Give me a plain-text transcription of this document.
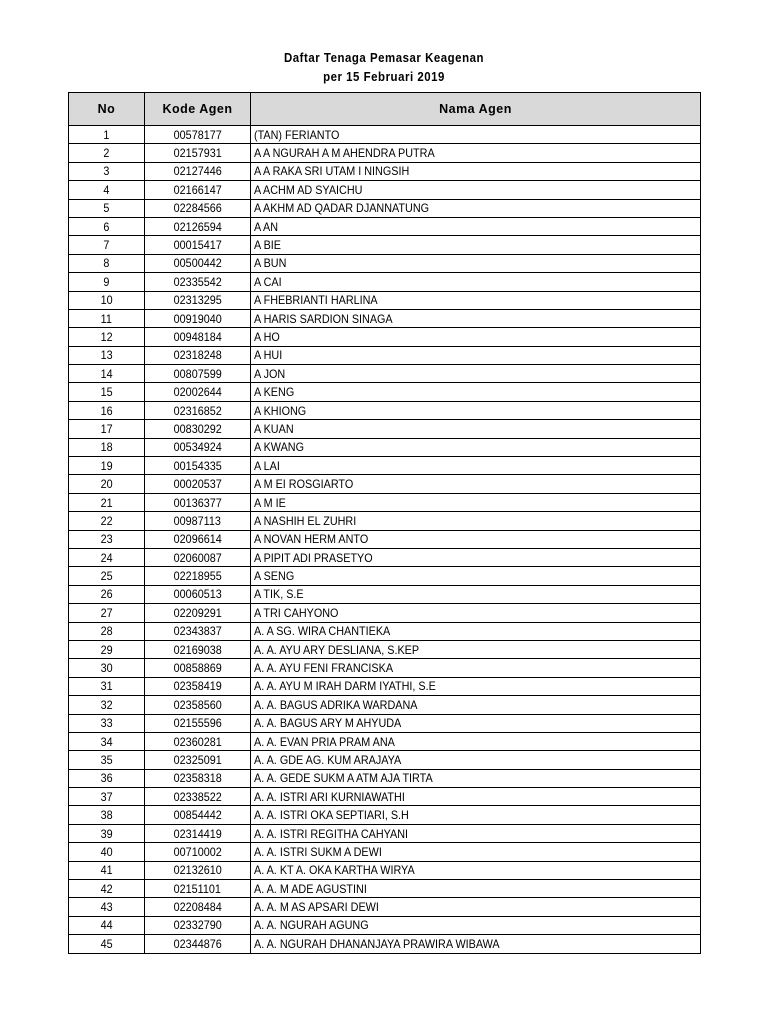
Daftar Tenaga Pemasar Keagenan
per 15 Februari 2019
No	Kode Agen	Nama Agen
1	00578177	(TAN) FERIANTO
2	02157931	A A NGURAH A M AHENDRA PUTRA
3	02127446	A A RAKA SRI UTAM I NINGSIH
4	02166147	A ACHM AD SYAICHU
5	02284566	A AKHM AD QADAR DJANNATUNG
6	02126594	A AN
7	00015417	A BIE
8	00500442	A BUN
9	02335542	A CAI
10	02313295	A FHEBRIANTI HARLINA
11	00919040	A HARIS SARDION SINAGA
12	00948184	A HO
13	02318248	A HUI
14	00807599	A JON
15	02002644	A KENG
16	02316852	A KHIONG
17	00830292	A KUAN
18	00534924	A KWANG
19	00154335	A LAI
20	00020537	A M EI ROSGIARTO
21	00136377	A M IE
22	00987113	A NASHIH EL ZUHRI
23	02096614	A NOVAN HERM ANTO
24	02060087	A PIPIT ADI PRASETYO
25	02218955	A SENG
26	00060513	A TIK, S.E
27	02209291	A TRI CAHYONO
28	02343837	A. A SG. WIRA CHANTIEKA
29	02169038	A. A. AYU ARY DESLIANA, S.KEP
30	00858869	A. A. AYU FENI FRANCISKA
31	02358419	A. A. AYU M IRAH DARM IYATHI, S.E
32	02358560	A. A. BAGUS ADRIKA WARDANA
33	02155596	A. A. BAGUS ARY M AHYUDA
34	02360281	A. A. EVAN PRIA PRAM ANA
35	02325091	A. A. GDE AG. KUM ARAJAYA
36	02358318	A. A. GEDE SUKM A ATM AJA TIRTA
37	02338522	A. A. ISTRI ARI KURNIAWATHI
38	00854442	A. A. ISTRI OKA SEPTIARI, S.H
39	02314419	A. A. ISTRI REGITHA CAHYANI
40	00710002	A. A. ISTRI SUKM A DEWI
41	02132610	A. A. KT A. OKA KARTHA WIRYA
42	02151101	A. A. M ADE AGUSTINI
43	02208484	A. A. M AS APSARI DEWI
44	02332790	A. A. NGURAH AGUNG
45	02344876	A. A. NGURAH DHANANJAYA PRAWIRA WIBAWA
